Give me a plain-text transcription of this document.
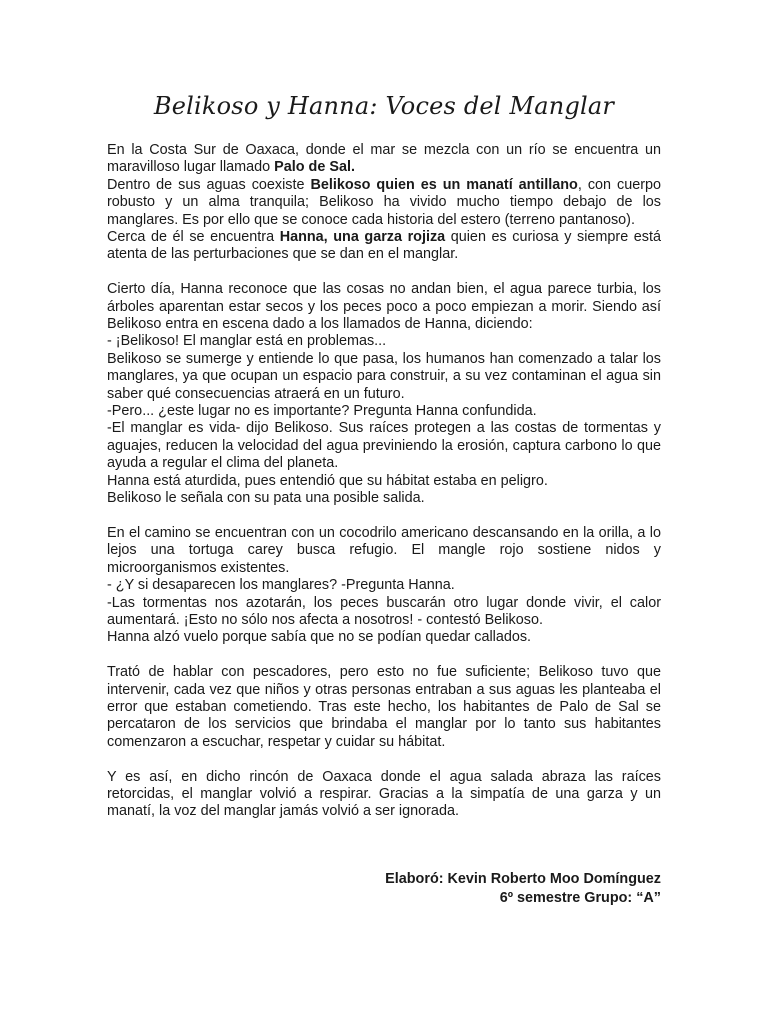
Belikoso y Hanna: Voces del Manglar
En la Costa Sur de Oaxaca, donde el mar se mezcla con un río se encuentra un maravilloso lugar llamado Palo de Sal.
Dentro de sus aguas coexiste Belikoso quien es un manatí antillano, con cuerpo robusto y un alma tranquila; Belikoso ha vivido mucho tiempo debajo de los manglares. Es por ello que se conoce cada historia del estero (terreno pantanoso).
Cerca de él se encuentra Hanna, una garza rojiza quien es curiosa y siempre está atenta de las perturbaciones que se dan en el manglar.
Cierto día, Hanna reconoce que las cosas no andan bien, el agua parece turbia, los árboles aparentan estar secos y los peces poco a poco empiezan a morir. Siendo así Belikoso entra en escena dado a los llamados de Hanna, diciendo:
- ¡Belikoso! El manglar está en problemas...
Belikoso se sumerge y entiende lo que pasa, los humanos han comenzado a talar los manglares, ya que ocupan un espacio para construir, a su vez contaminan el agua sin saber qué consecuencias atraerá en un futuro.
-Pero... ¿este lugar no es importante? Pregunta Hanna confundida.
-El manglar es vida- dijo Belikoso. Sus raíces protegen a las costas de tormentas y aguajes, reducen la velocidad del agua previniendo la erosión, captura carbono lo que ayuda a regular el clima del planeta.
Hanna está aturdida, pues entendió que su hábitat estaba en peligro.
Belikoso le señala con su pata una posible salida.
En el camino se encuentran con un cocodrilo americano descansando en la orilla, a lo lejos una tortuga carey busca refugio. El mangle rojo sostiene nidos y microorganismos existentes.
- ¿Y si desaparecen los manglares? -Pregunta Hanna.
-Las tormentas nos azotarán, los peces buscarán otro lugar donde vivir, el calor aumentará. ¡Esto no sólo nos afecta a nosotros! - contestó Belikoso.
Hanna alzó vuelo porque sabía que no se podían quedar callados.
Trató de hablar con pescadores, pero esto no fue suficiente; Belikoso tuvo que intervenir, cada vez que niños y otras personas entraban a sus aguas les planteaba el error que estaban cometiendo. Tras este hecho, los habitantes de Palo de Sal se percataron de los servicios que brindaba el manglar por lo tanto sus habitantes comenzaron a escuchar, respetar y cuidar su hábitat.
Y es así, en dicho rincón de Oaxaca donde el agua salada abraza las raíces retorcidas, el manglar volvió a respirar. Gracias a la simpatía de una garza y un manatí, la voz del manglar jamás volvió a ser ignorada.
Elaboró: Kevin Roberto Moo Domínguez
6º semestre Grupo: “A”
